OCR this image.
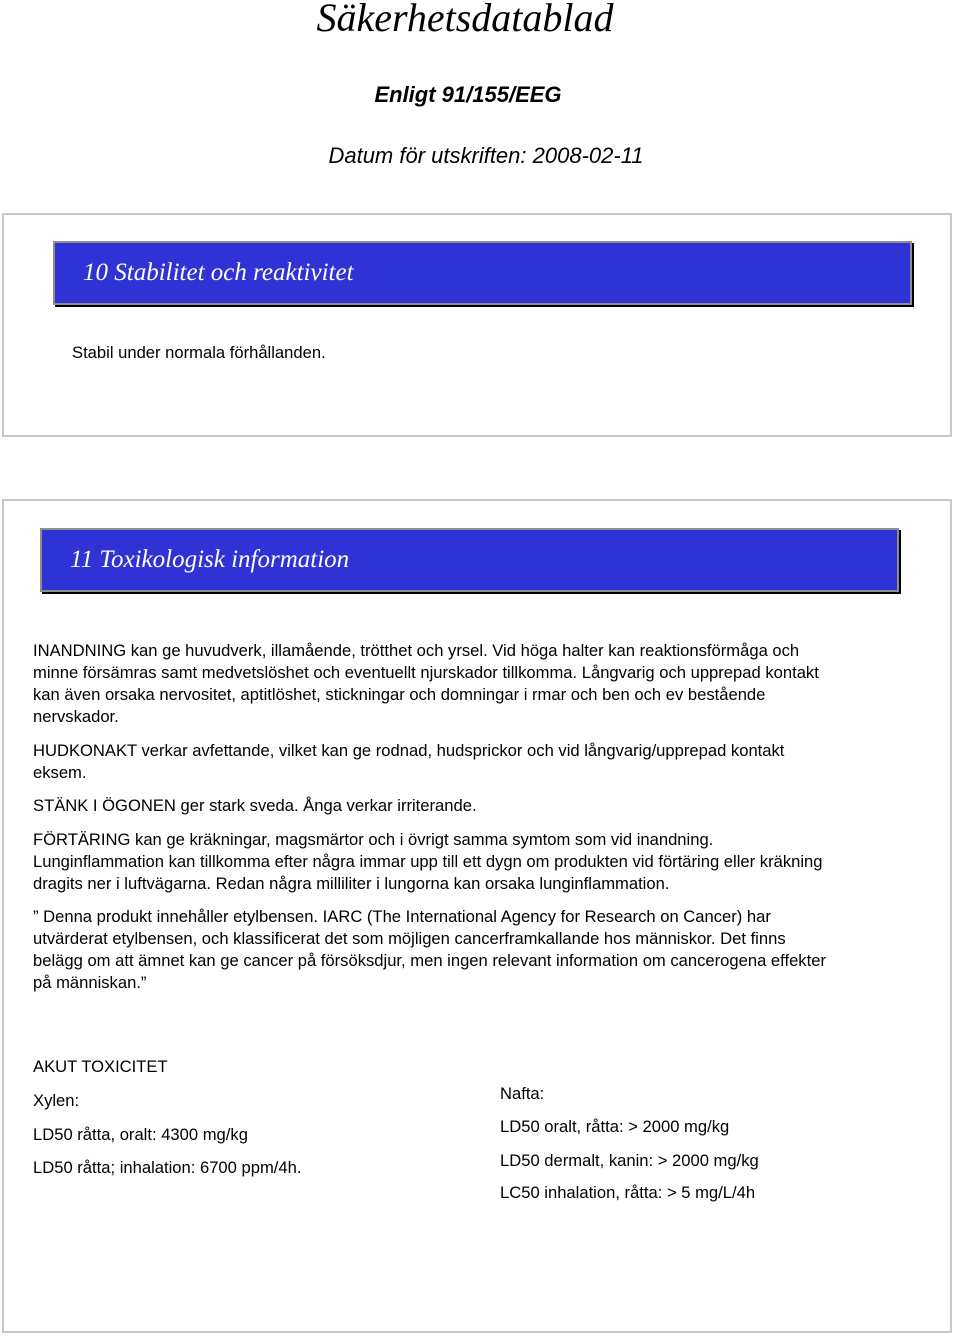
Säkerhetsdatablad
Enligt 91/155/EEG
Datum för utskriften: 2008-02-11
10 Stabilitet och reaktivitet
Stabil under normala förhållanden.
11 Toxikologisk information
INANDNING kan ge huvudverk, illamående, trötthet och yrsel. Vid höga halter kan reaktionsförmåga och
minne försämras samt medvetslöshet och eventuellt njurskador tillkomma. Långvarig och upprepad kontakt
kan även orsaka nervositet, aptitlöshet, stickningar och domningar i rmar och ben och ev bestående
nervskador.
HUDKONAKT verkar avfettande, vilket kan ge rodnad, hudsprickor och vid långvarig/upprepad kontakt
eksem.
STÄNK I ÖGONEN ger stark sveda. Ånga verkar irriterande.
FÖRTÄRING kan ge kräkningar, magsmärtor och i övrigt samma symtom som vid inandning.
Lunginflammation kan tillkomma efter några immar upp till ett dygn om produkten vid förtäring eller kräkning
dragits ner i luftvägarna. Redan några milliliter i lungorna kan orsaka lunginflammation.
” Denna produkt innehåller etylbensen. IARC (The International Agency for Research on Cancer) har
utvärderat etylbensen, och klassificerat det som möjligen cancerframkallande hos människor. Det finns
belägg om att ämnet kan ge cancer på försöksdjur, men ingen relevant information om cancerogena effekter
på människan.”
AKUT TOXICITET
Xylen:
LD50 råtta, oralt: 4300 mg/kg
LD50 råtta; inhalation: 6700 ppm/4h.
Nafta:
LD50 oralt, råtta: > 2000 mg/kg
LD50 dermalt, kanin: > 2000 mg/kg
LC50 inhalation, råtta: > 5 mg/L/4h
